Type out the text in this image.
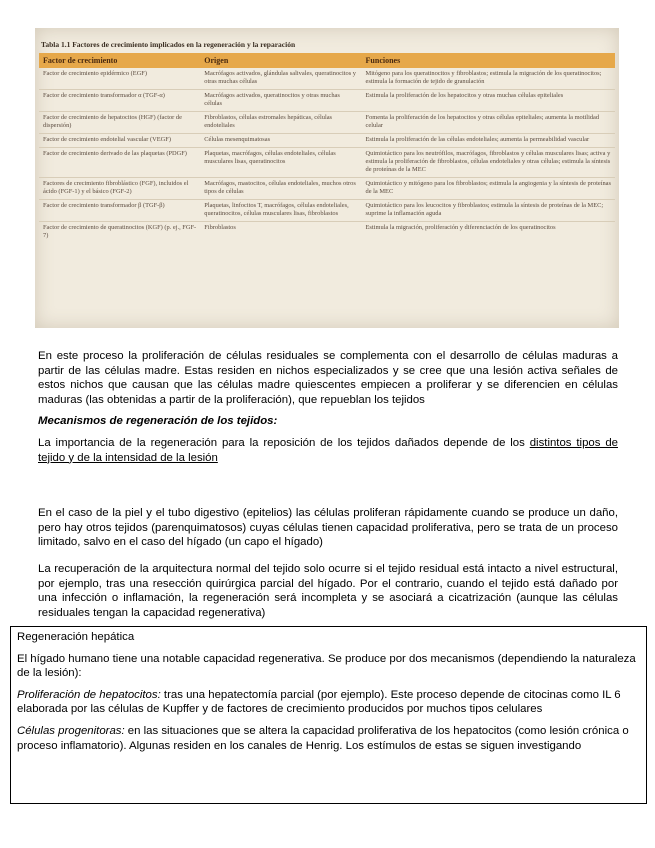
Tabla 1.1 Factores de crecimiento implicados en la regeneración y la reparación
Factor de crecimiento	Origen	Funciones
Factor de crecimiento epidérmico (EGF)	Macrófagos activados, glándulas salivales, queratinocitos y otras muchas células	Mitógeno para los queratinocitos y fibroblastos; estimula la migración de los queratinocitos; estimula la formación de tejido de granulación
Factor de crecimiento transformador α (TGF-α)	Macrófagos activados, queratinocitos y otras muchas células	Estimula la proliferación de los hepatocitos y otras muchas células epiteliales
Factor de crecimiento de hepatocitos (HGF) (factor de dispersión)	Fibroblastos, células estromales hepáticas, células endoteliales	Fomenta la proliferación de los hepatocitos y otras células epiteliales; aumenta la motilidad celular
Factor de crecimiento endotelial vascular (VEGF)	Células mesenquimatosas	Estimula la proliferación de las células endoteliales; aumenta la permeabilidad vascular
Factor de crecimiento derivado de las plaquetas (PDGF)	Plaquetas, macrófagos, células endoteliales, células musculares lisas, queratinocitos	Quimiotáctico para los neutrófilos, macrófagos, fibroblastos y células musculares lisas; activa y estimula la proliferación de fibroblastos, células endoteliales y otras células; estimula la síntesis de proteínas de la MEC
Factores de crecimiento fibroblástico (FGF), incluidos el ácido (FGF-1) y el básico (FGF-2)	Macrófagos, mastocitos, células endoteliales, muchos otros tipos de células	Quimiotáctico y mitógeno para los fibroblastos; estimula la angiogenia y la síntesis de proteínas de la MEC
Factor de crecimiento transformador β (TGF-β)	Plaquetas, linfocitos T, macrófagos, células endoteliales, queratinocitos, células musculares lisas, fibroblastos	Quimiotáctico para los leucocitos y fibroblastos; estimula la síntesis de proteínas de la MEC; suprime la inflamación aguda
Factor de crecimiento de queratinocitos (KGF) (p. ej., FGF-7)	Fibroblastos	Estimula la migración, proliferación y diferenciación de los queratinocitos

En este proceso la proliferación de células residuales se complementa con el desarrollo de células maduras a partir de las células madre. Estas residen en nichos especializados y se cree que una lesión activa señales de estos nichos que causan que las células madre quiescentes empiecen a proliferar y se diferencien en células maduras (las obtenidas a partir de la proliferación), que repueblan los tejidos

Mecanismos de regeneración de los tejidos:

La importancia de la regeneración para la reposición de los tejidos dañados depende de los distintos tipos de tejido y de la intensidad de la lesión

En el caso de la piel y el tubo digestivo (epitelios) las células proliferan rápidamente cuando se produce un daño, pero hay otros tejidos (parenquimatosos) cuyas células tienen capacidad proliferativa, pero se trata de un proceso limitado, salvo en el caso del hígado (un capo el hígado)

La recuperación de la arquitectura normal del tejido solo ocurre si el tejido residual está intacto a nivel estructural, por ejemplo, tras una resección quirúrgica parcial del hígado. Por el contrario, cuando el tejido está dañado por una infección o inflamación, la regeneración será incompleta y se asociará a cicatrización (aunque las células residuales tengan la capacidad regenerativa)

Regeneración hepática

El hígado humano tiene una notable capacidad regenerativa. Se produce por dos mecanismos (dependiendo la naturaleza de la lesión):

Proliferación de hepatocitos: tras una hepatectomía parcial (por ejemplo). Este proceso depende de citocinas como IL 6 elaborada por las células de Kupffer y de factores de crecimiento producidos por muchos tipos celulares

Células progenitoras: en las situaciones que se altera la capacidad proliferativa de los hepatocitos (como lesión crónica o proceso inflamatorio). Algunas residen en los canales de Henrig. Los estímulos de estas se siguen investigando
